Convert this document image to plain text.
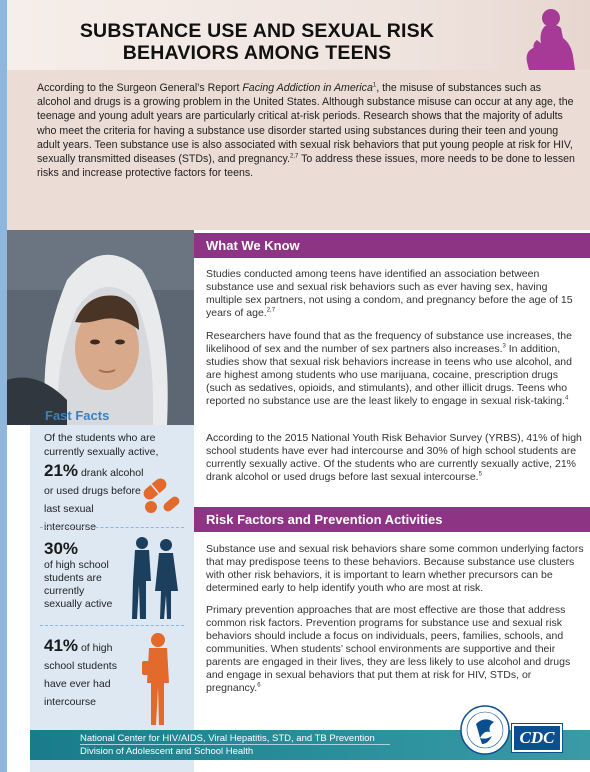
SUBSTANCE USE AND SEXUAL RISK
BEHAVIORS AMONG TEENS
According to the Surgeon General’s Report Facing Addiction in America$^1$, the misuse of substances such as alcohol and drugs is a growing problem in the United States. Although substance misuse can occur at any age, the teenage and young adult years are particularly critical at-risk periods. Research shows that the majority of adults who meet the criteria for having a substance use disorder started using substances during their teen and young adult years. Teen substance use is also associated with sexual risk behaviors that put young people at risk for HIV, sexually transmitted diseases (STDs), and pregnancy.$^{2,7}$ To address these issues, more needs to be done to lessen risks and increase protective factors for teens.
Fast Facts
Of the students who are currently sexually active,
21% drank alcohol or used drugs before last sexual intercourse
30%
of high school students are currently sexually active
41% of high school students have ever had intercourse
What We Know
Studies conducted among teens have identified an association between substance use and sexual risk behaviors such as ever having sex, having multiple sex partners, not using a condom, and pregnancy before the age of 15 years of age.$^{2,7}$
Researchers have found that as the frequency of substance use increases, the likelihood of sex and the number of sex partners also increases.$^3$ In addition, studies show that sexual risk behaviors increase in teens who use alcohol, and are highest among students who use marijuana, cocaine, prescription drugs (such as sedatives, opioids, and stimulants), and other illicit drugs. Teens who reported no substance use are the least likely to engage in sexual risk-taking.$^4$
According to the 2015 National Youth Risk Behavior Survey (YRBS), 41% of high school students have ever had intercourse and 30% of high school students are currently sexually active. Of the students who are currently sexually active, 21% drank alcohol or used drugs before last sexual intercourse.$^5$
Risk Factors and Prevention Activities
Substance use and sexual risk behaviors share some common underlying factors that may predispose teens to these behaviors. Because substance use clusters with other risk behaviors, it is important to learn whether precursors can be determined early to help identify youth who are most at risk.
Primary prevention approaches that are most effective are those that address common risk factors. Prevention programs for substance use and sexual risk behaviors should include a focus on individuals, peers, families, schools, and communities. When students’ school environments are supportive and their parents are engaged in their lives, they are less likely to use alcohol and drugs and engage in sexual behaviors that put them at risk for HIV, STDs, or pregnancy.$^6$
National Center for HIV/AIDS, Viral Hepatitis, STD, and TB Prevention
Division of Adolescent and School Health
CDC
